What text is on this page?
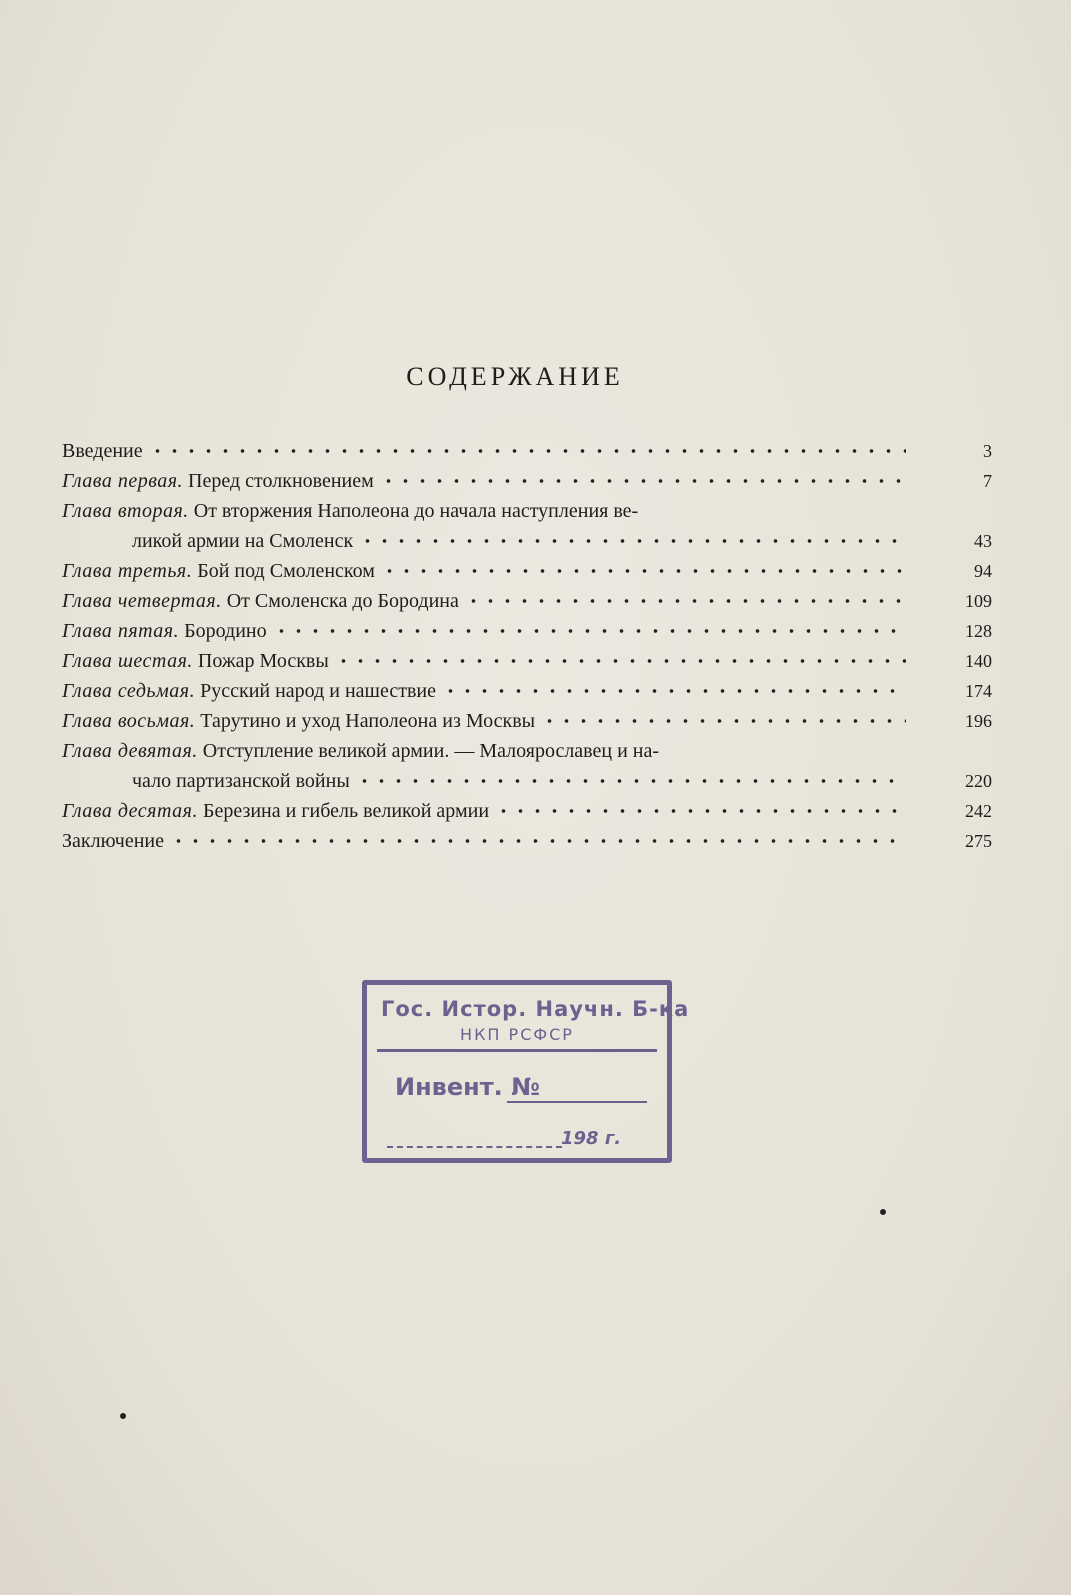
СОДЕРЖАНИЕ
Введение	3
Глава первая. Перед столкновением	7
Глава вторая. От вторжения Наполеона до начала наступления ве-
ликой армии на Смоленск	43
Глава третья. Бой под Смоленском	94
Глава четвертая. От Смоленска до Бородина	109
Глава пятая. Бородино	128
Глава шестая. Пожар Москвы	140
Глава седьмая. Русский народ и нашествие	174
Глава восьмая. Тарутино и уход Наполеона из Москвы	196
Глава девятая. Отступление великой армии. — Малоярославец и на-
чало партизанской войны	220
Глава десятая. Березина и гибель великой армии	242
Заключение	275
Гос. Истор. Научн. Б-ка
НКП РСФСР
Инвент. №
198 г.
